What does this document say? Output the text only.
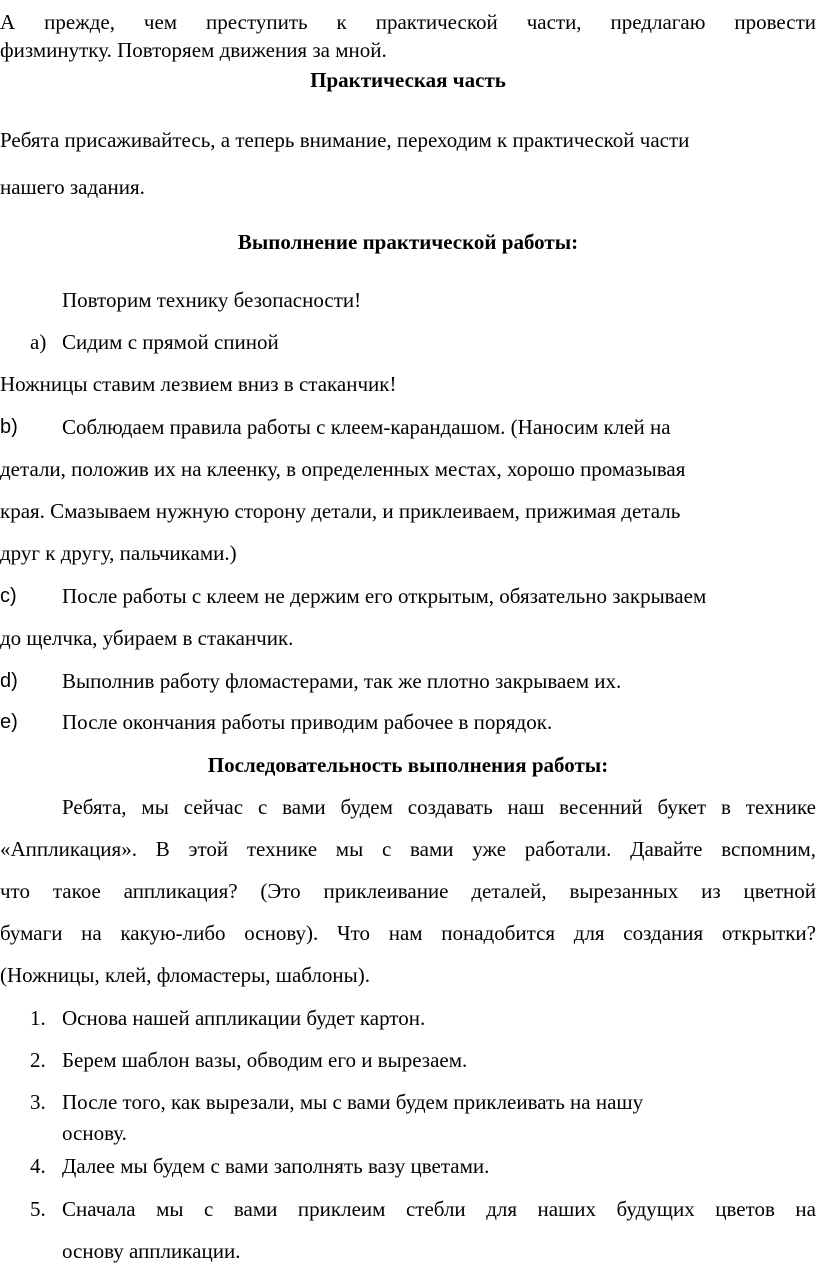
А прежде, чем преступить к практической части, предлагаю провести
физминутку. Повторяем движения за мной.
Практическая часть
Ребята присаживайтесь, а теперь внимание, переходим к практической части
нашего задания.
Выполнение практической работы:
Повторим технику безопасности!
а) Сидим с прямой спиной
Ножницы ставим лезвием вниз в стаканчик!
b) Соблюдаем правила работы с клеем-карандашом. (Наносим клей на
детали, положив их на клеенку, в определенных местах, хорошо промазывая
края. Смазываем нужную сторону детали, и приклеиваем, прижимая деталь
друг к другу, пальчиками.)
c) После работы с клеем не держим его открытым, обязательно закрываем
до щелчка, убираем в стаканчик.
d) Выполнив работу фломастерами, так же плотно закрываем их.
e) После окончания работы приводим рабочее в порядок.
Последовательность выполнения работы:
Ребята, мы сейчас с вами будем создавать наш весенний букет в технике
«Аппликация». В этой технике мы с вами уже работали. Давайте вспомним,
что такое аппликация? (Это приклеивание деталей, вырезанных из цветной
бумаги на какую-либо основу). Что нам понадобится для создания открытки?
(Ножницы, клей, фломастеры, шаблоны).
1. Основа нашей аппликации будет картон.
2. Берем шаблон вазы, обводим его и вырезаем.
3. После того, как вырезали, мы с вами будем приклеивать на нашу
основу.
4. Далее мы будем с вами заполнять вазу цветами.
5. Сначала мы с вами приклеим стебли для наших будущих цветов на
основу аппликации.
